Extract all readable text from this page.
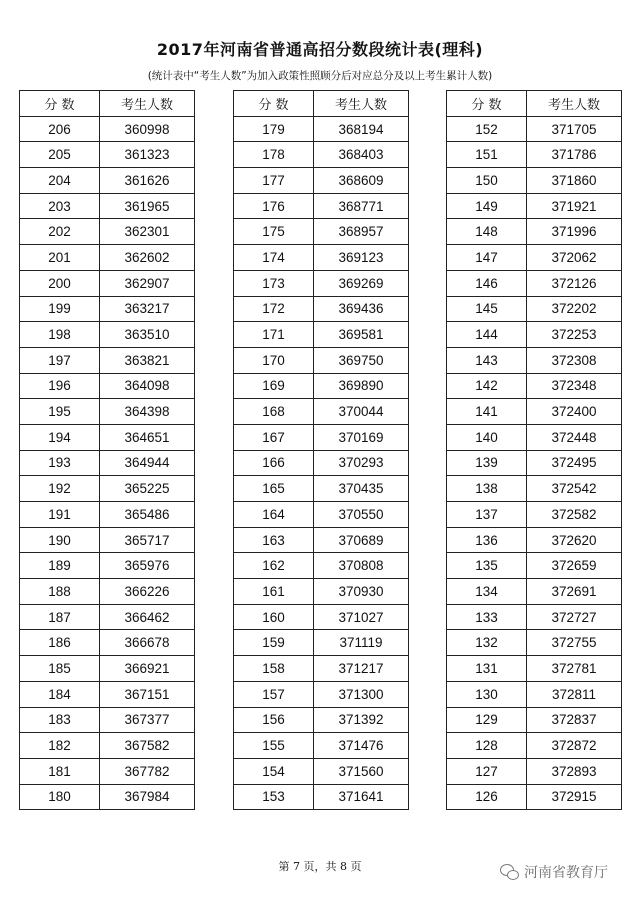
2017年河南省普通高招分数段统计表(理科)
(统计表中“考生人数”为加入政策性照顾分后对应总分及以上考生累计人数)
分 数	考生人数
206	360998
205	361323
204	361626
203	361965
202	362301
201	362602
200	362907
199	363217
198	363510
197	363821
196	364098
195	364398
194	364651
193	364944
192	365225
191	365486
190	365717
189	365976
188	366226
187	366462
186	366678
185	366921
184	367151
183	367377
182	367582
181	367782
180	367984
分 数	考生人数
179	368194
178	368403
177	368609
176	368771
175	368957
174	369123
173	369269
172	369436
171	369581
170	369750
169	369890
168	370044
167	370169
166	370293
165	370435
164	370550
163	370689
162	370808
161	370930
160	371027
159	371119
158	371217
157	371300
156	371392
155	371476
154	371560
153	371641
分 数	考生人数
152	371705
151	371786
150	371860
149	371921
148	371996
147	372062
146	372126
145	372202
144	372253
143	372308
142	372348
141	372400
140	372448
139	372495
138	372542
137	372582
136	372620
135	372659
134	372691
133	372727
132	372755
131	372781
130	372811
129	372837
128	372872
127	372893
126	372915
第 7 页，共 8 页	河南省教育厅
